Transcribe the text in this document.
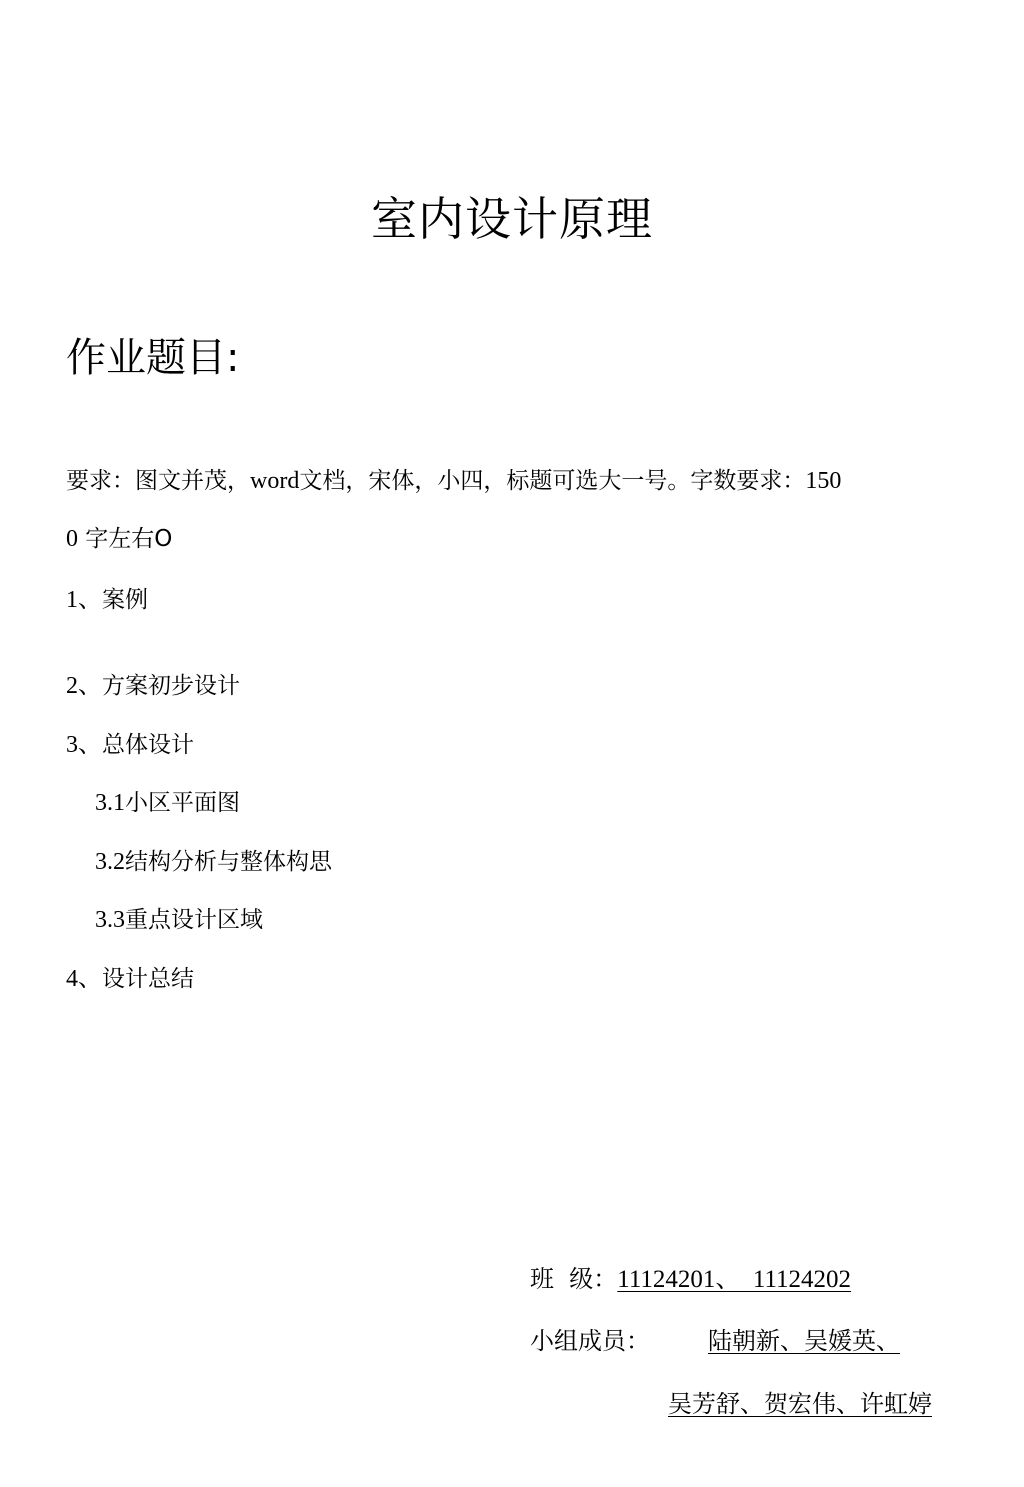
室内设计原理
作业题目:
要求：图文并茂，word文档，宋体，小四，标题可选大一号。字数要求：150
0 字左右O
1、案例
2、方案初步设计
3、总体设计
3.1小区平面图
3.2结构分析与整体构思
3.3重点设计区域
4、设计总结
班  级：11124201、  11124202
小组成员： 陆朝新、吴媛英、
吴芳舒、贺宏伟、许虹婷
